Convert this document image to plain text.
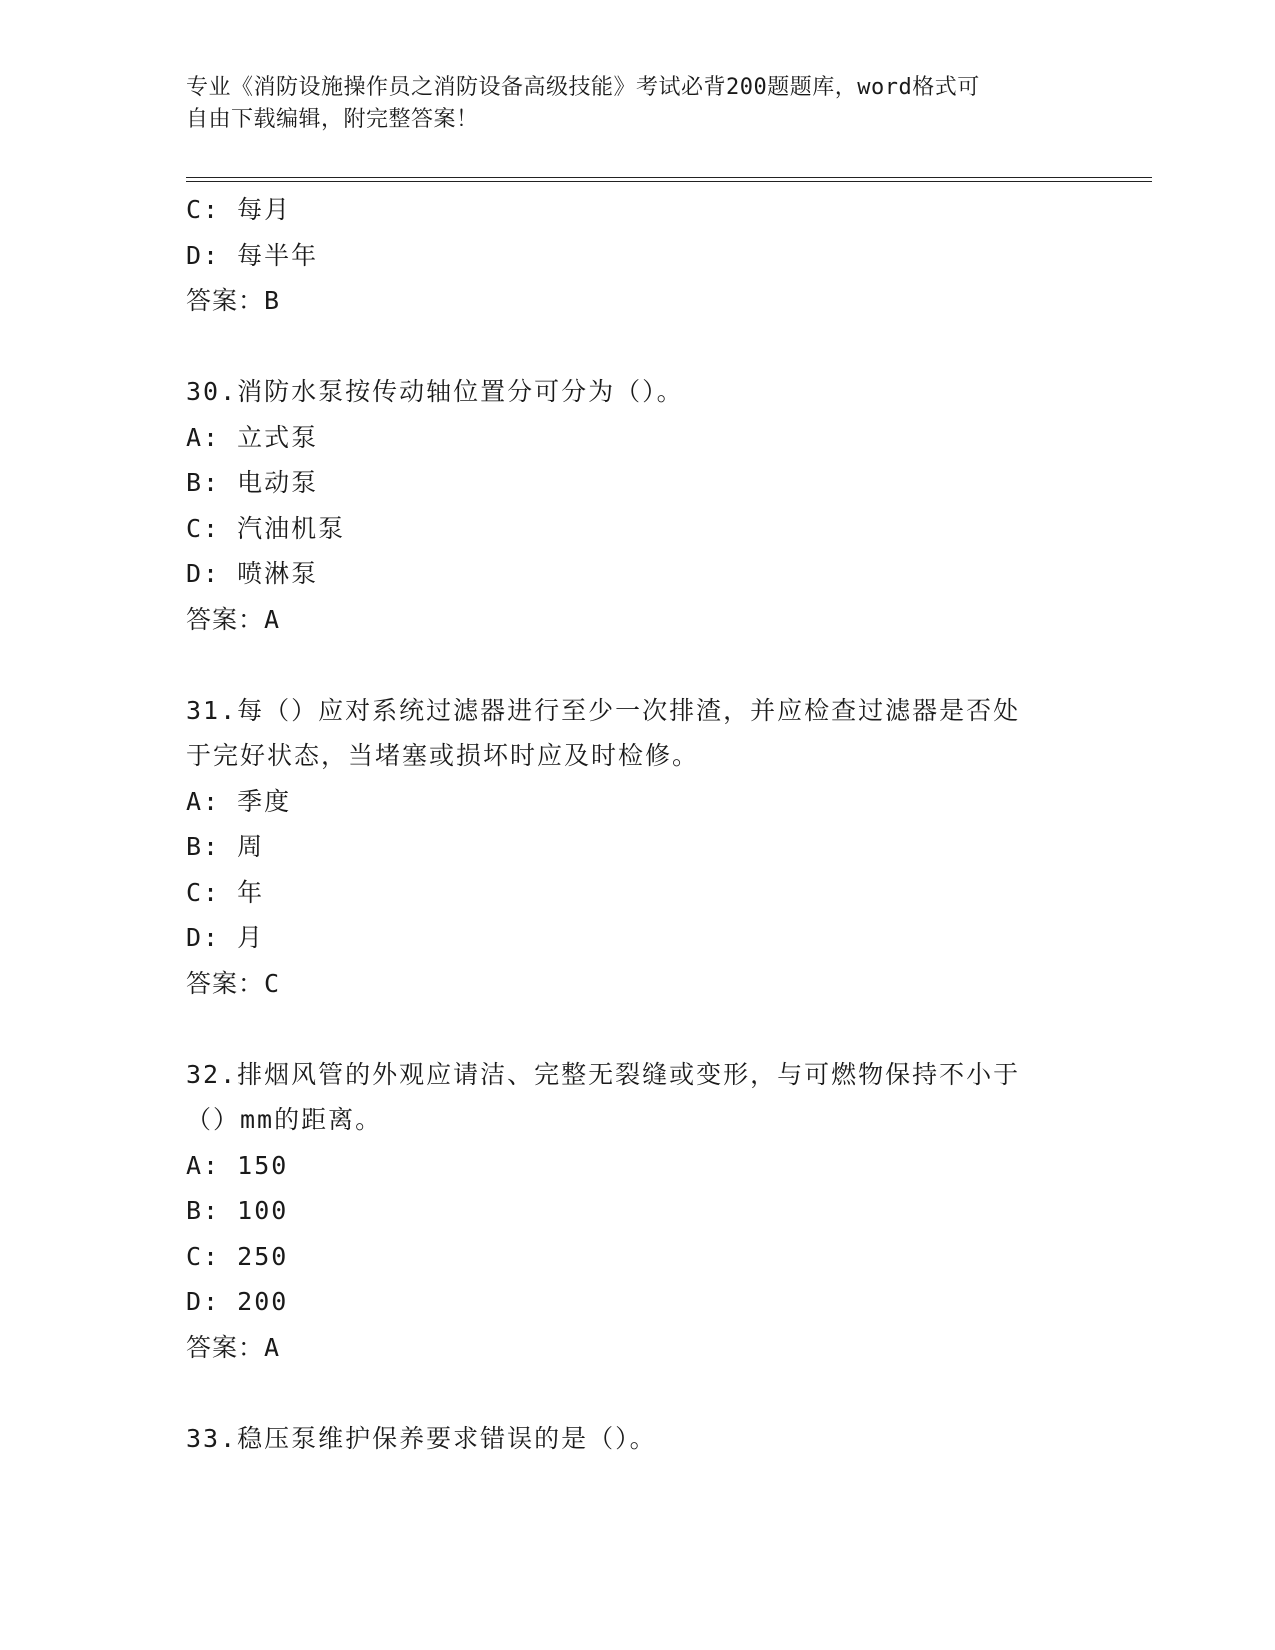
专业《消防设施操作员之消防设备高级技能》考试必背200题题库，word格式可
自由下载编辑，附完整答案！
C: 每月
D: 每半年
答案：B
30.消防水泵按传动轴位置分可分为（）。
A: 立式泵
B: 电动泵
C: 汽油机泵
D: 喷淋泵
答案：A
31.每（）应对系统过滤器进行至少一次排渣，并应检查过滤器是否处
于完好状态，当堵塞或损坏时应及时检修。
A: 季度
B: 周
C: 年
D: 月
答案：C
32.排烟风管的外观应请洁、完整无裂缝或变形，与可燃物保持不小于
（）mm的距离。
A: 150
B: 100
C: 250
D: 200
答案：A
33.稳压泵维护保养要求错误的是（）。
